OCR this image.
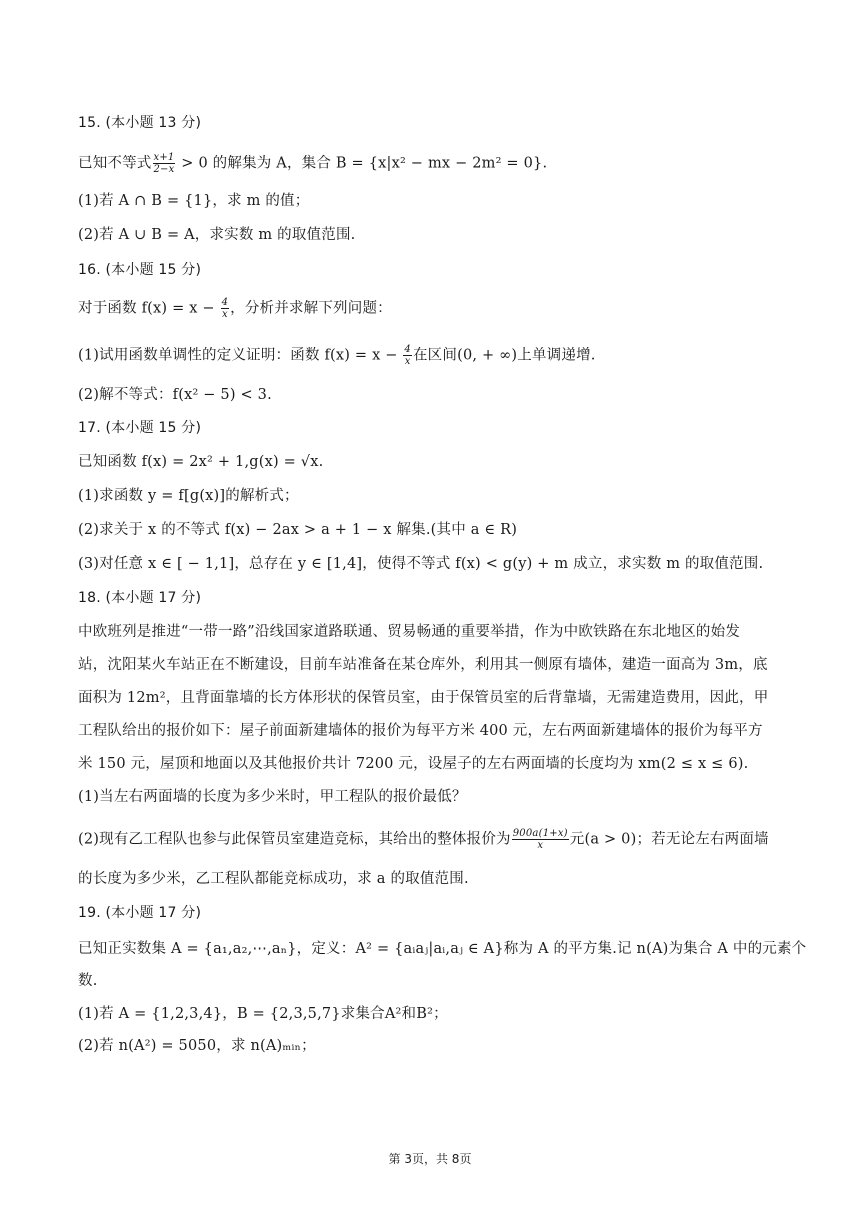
15. (本小题 13 分)
已知不等式 $\frac{x+1}{2-x} > 0$ 的解集为 A，集合 B = {x|x² − mx − 2m² = 0}.
(1)若 A ∩ B = {1}，求 m 的值；
(2)若 A ∪ B = A，求实数 m 的取值范围.
16. (本小题 15 分)
对于函数 $f(x) = x - \frac{4}{x}$ ，分析并求解下列问题：
(1)试用函数单调性的定义证明：函数 $f(x) = x - \frac{4}{x}$ 在区间(0, + ∞)上单调递增.
(2)解不等式：f(x² − 5) < 3.
17. (本小题 15 分)
已知函数 f(x) = 2x² + 1,g(x) = √x.
(1)求函数 y = f[g(x)]的解析式；
(2)求关于 x 的不等式 f(x) − 2ax > a + 1 − x 解集.(其中 a ∈ R)
(3)对任意 x ∈ [ − 1,1]，总存在 y ∈ [1,4]，使得不等式 f(x) < g(y) + m 成立，求实数 m 的取值范围.
18. (本小题 17 分)
中欧班列是推进“一带一路”沿线国家道路联通、贸易畅通的重要举措，作为中欧铁路在东北地区的始发
站，沈阳某火车站正在不断建设，目前车站准备在某仓库外，利用其一侧原有墙体，建造一面高为 3m，底
面积为 12m²，且背面靠墙的长方体形状的保管员室，由于保管员室的后背靠墙，无需建造费用，因此，甲
工程队给出的报价如下：屋子前面新建墙体的报价为每平方米 400 元，左右两面新建墙体的报价为每平方
米 150 元，屋顶和地面以及其他报价共计 7200 元，设屋子的左右两面墙的长度均为 xm(2 ≤ x ≤ 6).
(1)当左右两面墙的长度为多少米时，甲工程队的报价最低？
(2)现有乙工程队也参与此保管员室建造竞标，其给出的整体报价为 $\frac{900a(1+x)}{x}$ 元(a > 0)；若无论左右两面墙
的长度为多少米，乙工程队都能竞标成功，求 a 的取值范围.
19. (本小题 17 分)
已知正实数集 A = {a₁,a₂,⋯,aₙ}，定义：A² = {aᵢaⱼ|aᵢ,aⱼ ∈ A}称为 A 的平方集.记 n(A)为集合 A 中的元素个
数.
(1)若 A = {1,2,3,4}，B = {2,3,5,7}求集合A²和B²；
(2)若 n(A²) = 5050，求 n(A)ₘᵢₙ；
第 3页，共 8页
